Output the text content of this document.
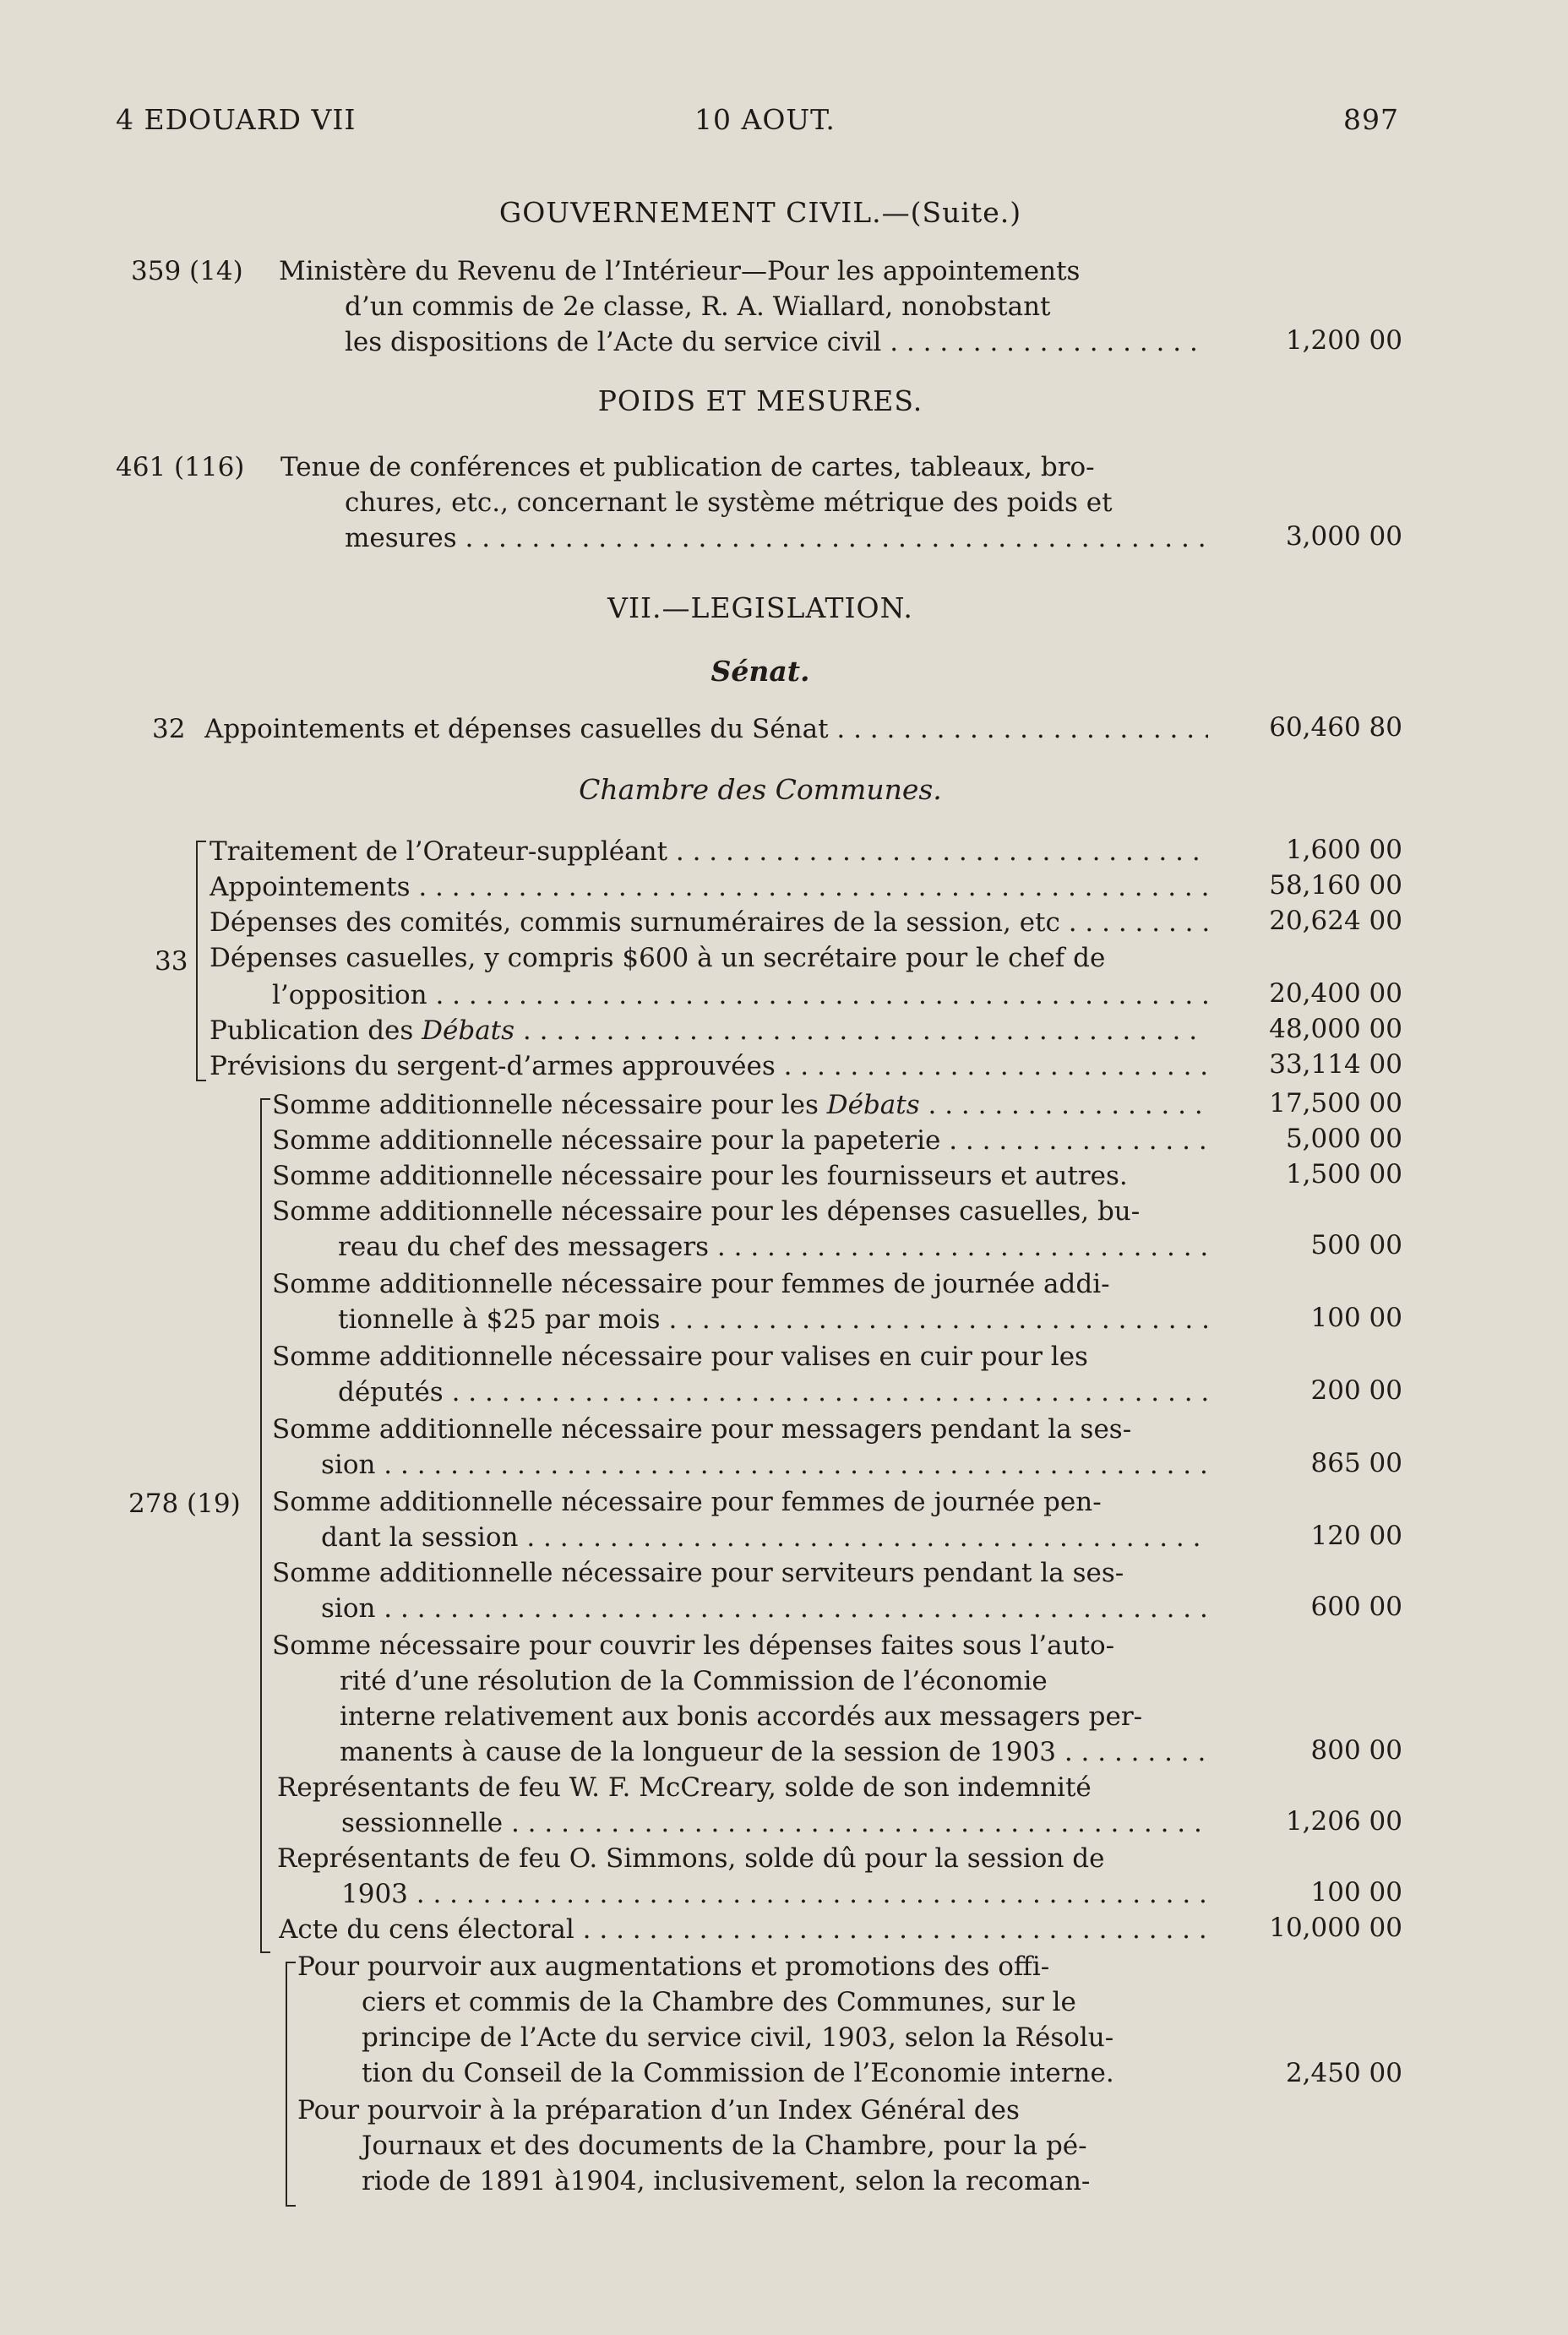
4 EDOUARD VII	10 AOUT.	897
GOUVERNEMENT CIVIL.—(Suite.)
359 (14) Ministère du Revenu de l’Intérieur—Pour les appointements
d’un commis de 2e classe, R. A. Wiallard, nonobstant
les dispositions de l’Acte du service civil . . .	1,200 00
POIDS ET MESURES.
461 (116) Tenue de conférences et publication de cartes, tableaux, bro-
chures, etc., concernant le système métrique des poids et
mesures . . .	3,000 00
VII.—LEGISLATION.
Sénat.
32 Appointements et dépenses casuelles du Sénat . . .	60,460 80
Chambre des Communes.
33
Traitement de l’Orateur-suppléant . . .	1,600 00
Appointements . . .	58,160 00
Dépenses des comités, commis surnuméraires de la session, etc . . .	20,624 00
Dépenses casuelles, y compris $600 à un secrétaire pour le chef de
l’opposition . . .	20,400 00
Publication des Débats . . .	48,000 00
Prévisions du sergent-d’armes approuvées . . .	33,114 00
278 (19)
Somme additionnelle nécessaire pour les Débats . . .	17,500 00
Somme additionnelle nécessaire pour la papeterie . . .	5,000 00
Somme additionnelle nécessaire pour les fournisseurs et autres.	1,500 00
Somme additionnelle nécessaire pour les dépenses casuelles, bu-
reau du chef des messagers . . .	500 00
Somme additionnelle nécessaire pour femmes de journée addi-
tionnelle à $25 par mois . . .	100 00
Somme additionnelle nécessaire pour valises en cuir pour les
députés . . .	200 00
Somme additionnelle nécessaire pour messagers pendant la ses-
sion . . .	865 00
Somme additionnelle nécessaire pour femmes de journée pen-
dant la session . . .	120 00
Somme additionnelle nécessaire pour serviteurs pendant la ses-
sion . . .	600 00
Somme nécessaire pour couvrir les dépenses faites sous l’auto-
rité d’une résolution de la Commission de l’économie
interne relativement aux bonis accordés aux messagers per-
manents à cause de la longueur de la session de 1903 . . .	800 00
Représentants de feu W. F. McCreary, solde de son indemnité
sessionnelle . . .	1,206 00
Représentants de feu O. Simmons, solde dû pour la session de
1903 . . .	100 00
Acte du cens électoral . . .	10,000 00
Pour pourvoir aux augmentations et promotions des offi-
ciers et commis de la Chambre des Communes, sur le
principe de l’Acte du service civil, 1903, selon la Résolu-
tion du Conseil de la Commission de l’Economie interne.	2,450 00
Pour pourvoir à la préparation d’un Index Général des
Journaux et des documents de la Chambre, pour la pé-
riode de 1891 à1904, inclusivement, selon la recoman-
